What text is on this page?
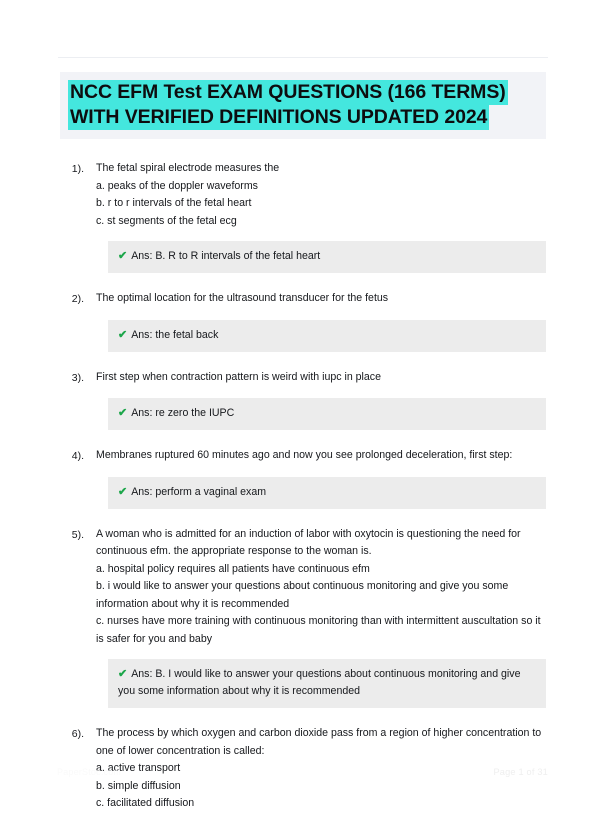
NCC EFM Test EXAM QUESTIONS (166 TERMS)
WITH VERIFIED DEFINITIONS UPDATED 2024
1).	The fetal spiral electrode measures the
a. peaks of the doppler waveforms
b. r to r intervals of the fetal heart
c. st segments of the fetal ecg
✔ Ans: B. R to R intervals of the fetal heart
2).	The optimal location for the ultrasound transducer for the fetus
✔ Ans: the fetal back
3).	First step when contraction pattern is weird with iupc in place
✔ Ans: re zero the IUPC
4).	Membranes ruptured 60 minutes ago and now you see prolonged deceleration, first step:
✔ Ans: perform a vaginal exam
5).	A woman who is admitted for an induction of labor with oxytocin is questioning the need for continuous efm. the appropriate response to the woman is.
a. hospital policy requires all patients have continuous efm
b. i would like to answer your questions about continuous monitoring and give you some information about why it is recommended
c. nurses have more training with continuous monitoring than with intermittent auscultation so it is safer for you and baby
✔ Ans: B. I would like to answer your questions about continuous monitoring and give you some information about why it is recommended
6).	The process by which oxygen and carbon dioxide pass from a region of higher concentration to one of lower concentration is called:
a. active transport
b. simple diffusion
c. facilitated diffusion
PaperStoc.com	Page 1 of 31
